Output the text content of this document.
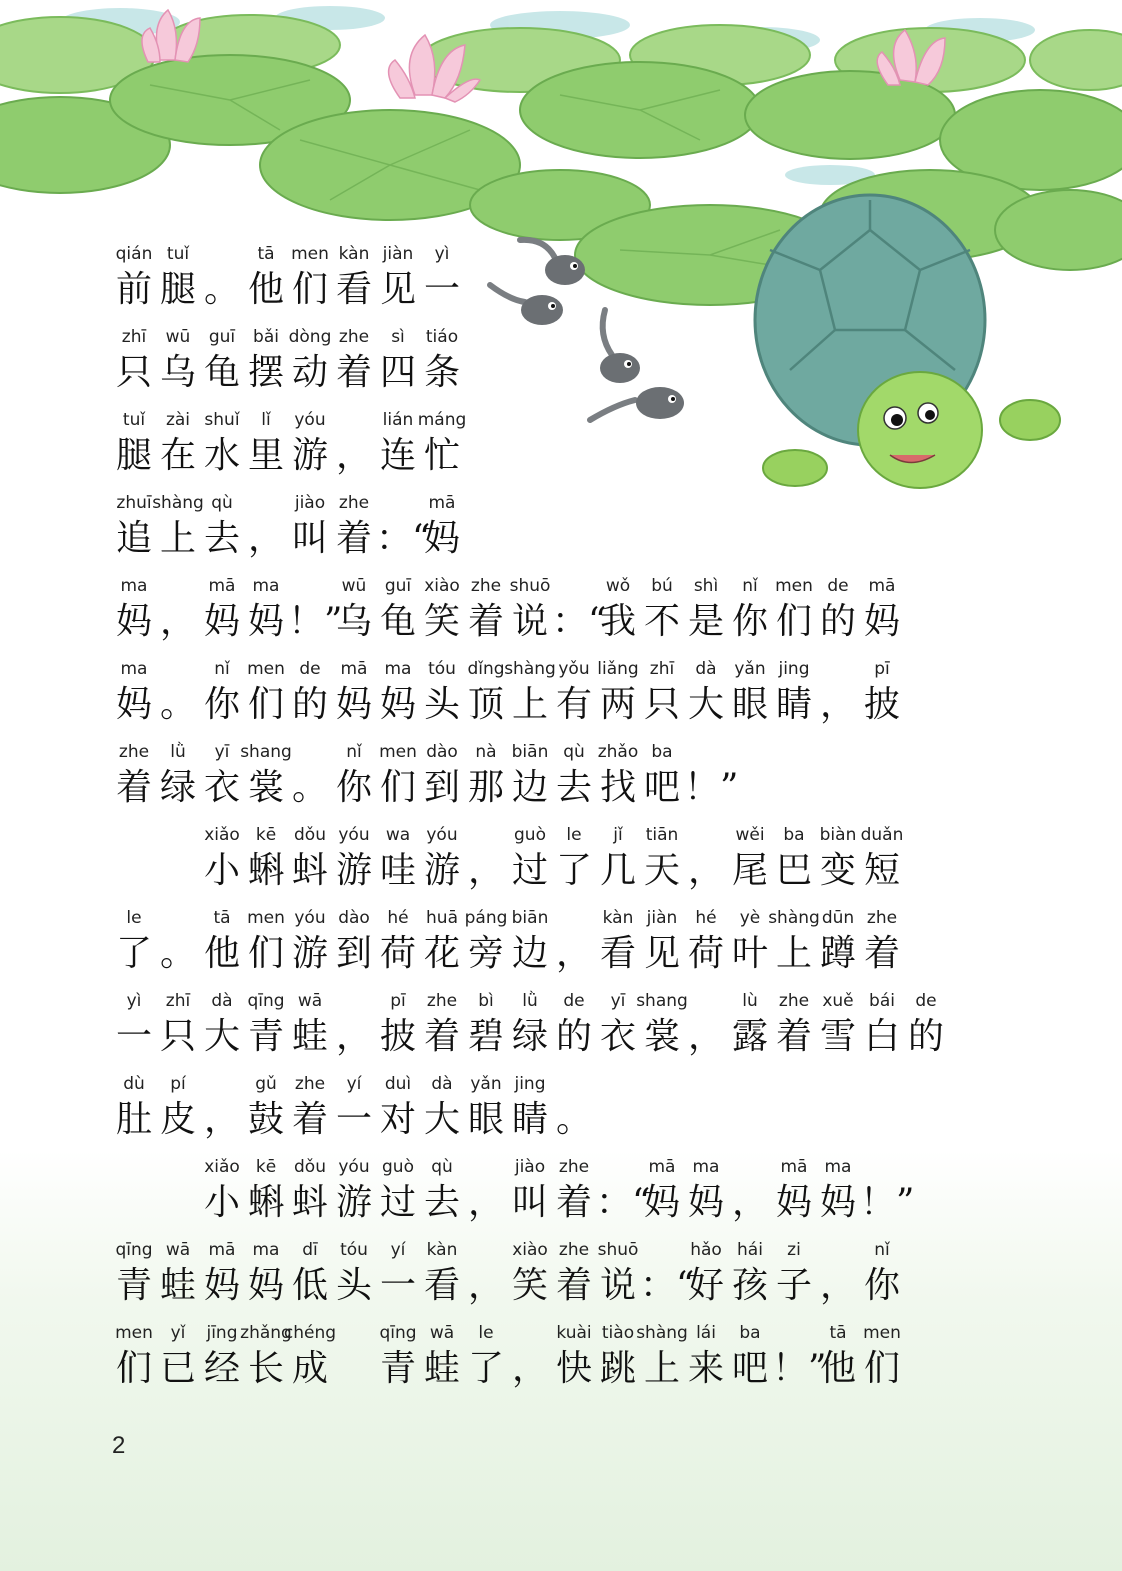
qián
前
tuǐ
腿 。
tā
他
men
们
kàn
看
jiàn
见
yì
一
zhī
只
wū
乌
guī
龟
bǎi
摆
dòng
动
zhe
着
sì
四
tiáo
条
tuǐ
腿
zài
在
shuǐ
水
lǐ
里
yóu
游 ，
lián
连
máng
忙
zhuī
追
shàng
上
qù
去 ，
jiào
叫
zhe
着 ：“
mā
妈
ma
妈 ，
mā
妈
ma
妈 ！”
wū
乌
guī
龟
xiào
笑
zhe
着
shuō
说 ：“
wǒ
我
bú
不
shì
是
nǐ
你
men
们
de
的
mā
妈
ma
妈 。
nǐ
你
men
们
de
的
mā
妈
ma
妈
tóu
头
dǐng
顶
shàng
上
yǒu
有
liǎng
两
zhī
只
dà
大
yǎn
眼
jing
睛 ，
pī
披
zhe
着
lǜ
绿
yī
衣
shang
裳 。
nǐ
你
men
们
dào
到
nà
那
biān
边
qù
去
zhǎo
找
ba
吧 ！”
xiǎo
小
kē
蝌
dǒu
蚪
yóu
游
wa
哇
yóu
游 ，
guò
过
le
了
jǐ
几
tiān
天 ，
wěi
尾
ba
巴
biàn
变
duǎn
短
le
了 。
tā
他
men
们
yóu
游
dào
到
hé
荷
huā
花
páng
旁
biān
边 ，
kàn
看
jiàn
见
hé
荷
yè
叶
shàng
上
dūn
蹲
zhe
着
yì
一
zhī
只
dà
大
qīng
青
wā
蛙 ，
pī
披
zhe
着
bì
碧
lǜ
绿
de
的
yī
衣
shang
裳 ，
lù
露
zhe
着
xuě
雪
bái
白
de
的
dù
肚
pí
皮 ，
gǔ
鼓
zhe
着
yí
一
duì
对
dà
大
yǎn
眼
jing
睛 。
xiǎo
小
kē
蝌
dǒu
蚪
yóu
游
guò
过
qù
去 ，
jiào
叫
zhe
着 ：“
mā
妈
ma
妈 ，
mā
妈
ma
妈 ！”
qīng
青
wā
蛙
mā
妈
ma
妈
dī
低
tóu
头
yí
一
kàn
看 ，
xiào
笑
zhe
着
shuō
说 ：“
hǎo
好
hái
孩
zi
子 ，
nǐ
你
men
们
yǐ
已
jīng
经
zhǎng
长
chéng
成
qīng
青
wā
蛙
le
了 ，
kuài
快
tiào
跳
shàng
上
lái
来
ba
吧 ！”
tā
他
men
们
2
